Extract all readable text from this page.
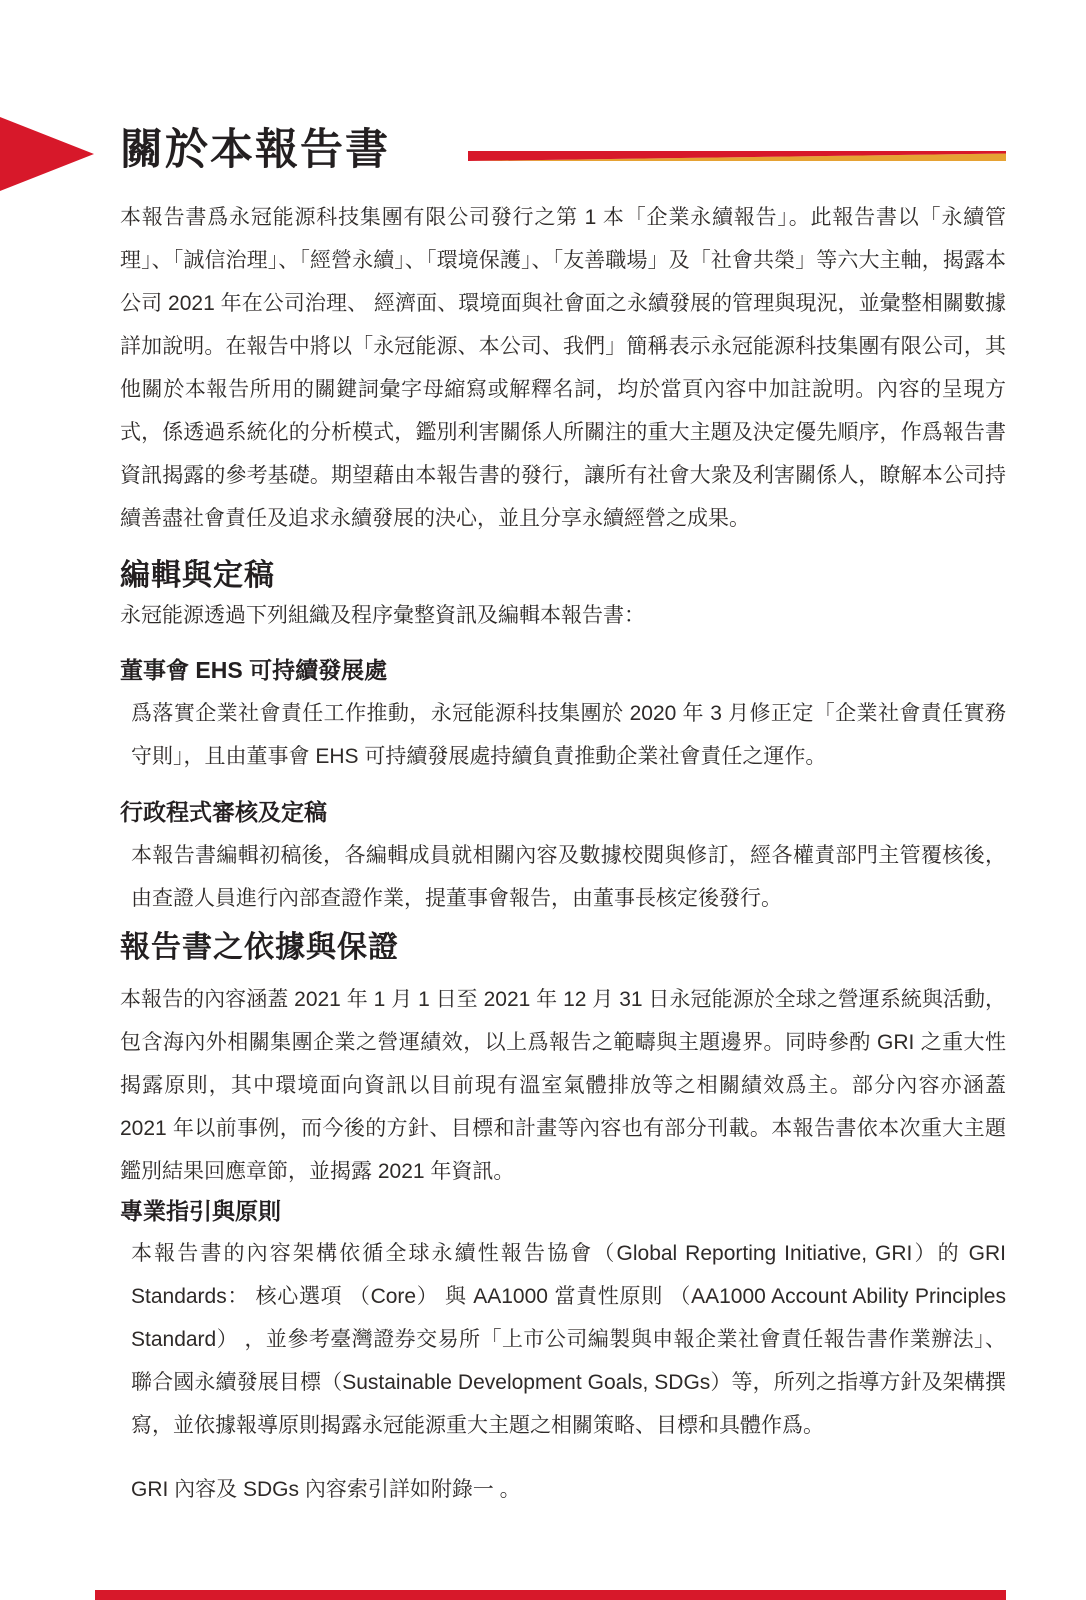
關於本報告書

本報告書爲永冠能源科技集團有限公司發行之第 1 本「企業永續報告」。此報告書以「永續管理」、「誠信治理」、「經營永續」、「環境保護」、「友善職場」及「社會共榮」等六大主軸，揭露本公司 2021 年在公司治理、 經濟面、環境面與社會面之永續發展的管理與現況，並彙整相關數據詳加說明。在報告中將以「永冠能源、本公司、我們」簡稱表示永冠能源科技集團有限公司，其他關於本報告所用的關鍵詞彙字母縮寫或解釋名詞，均於當頁內容中加註說明。內容的呈現方式，係透過系統化的分析模式，鑑別利害關係人所關注的重大主題及決定優先順序，作爲報告書資訊揭露的參考基礎。期望藉由本報告書的發行，讓所有社會大衆及利害關係人，瞭解本公司持續善盡社會責任及追求永續發展的決心，並且分享永續經營之成果。

編輯與定稿

永冠能源透過下列組織及程序彙整資訊及編輯本報告書：

董事會 EHS 可持續發展處

爲落實企業社會責任工作推動，永冠能源科技集團於 2020 年 3 月修正定「企業社會責任實務守則」，且由董事會 EHS 可持續發展處持續負責推動企業社會責任之運作。

行政程式審核及定稿

本報告書編輯初稿後，各編輯成員就相關內容及數據校閱與修訂，經各權責部門主管覆核後，由查證人員進行內部查證作業，提董事會報告，由董事長核定後發行。

報告書之依據與保證

本報告的內容涵蓋 2021 年 1 月 1 日至 2021 年 12 月 31 日永冠能源於全球之營運系統與活動，包含海內外相關集團企業之營運績效，以上爲報告之範疇與主題邊界。同時參酌 GRI 之重大性揭露原則，其中環境面向資訊以目前現有溫室氣體排放等之相關績效爲主。部分內容亦涵蓋 2021 年以前事例，而今後的方針、目標和計畫等內容也有部分刊載。本報告書依本次重大主題鑑別結果回應章節，並揭露 2021 年資訊。

專業指引與原則

本報告書的內容架構依循全球永續性報告協會（Global Reporting Initiative, GRI）的 GRI Standards： 核心選項 （Core） 與 AA1000 當責性原則 （AA1000 Account Ability Principles Standard） ，並參考臺灣證券交易所「上市公司編製與申報企業社會責任報告書作業辦法」、聯合國永續發展目標（Sustainable Development Goals, SDGs）等，所列之指導方針及架構撰寫，並依據報導原則揭露永冠能源重大主題之相關策略、目標和具體作爲。

GRI 內容及 SDGs 內容索引詳如附錄一 。
